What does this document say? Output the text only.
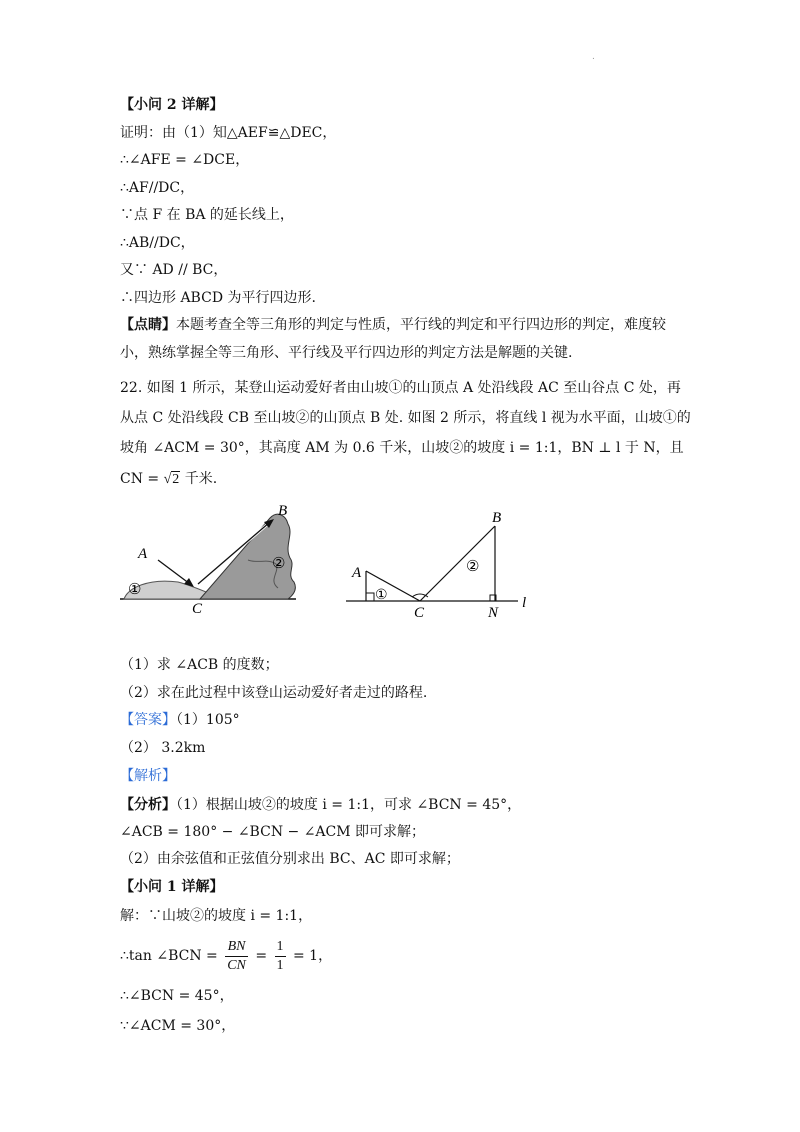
.
【小问 2 详解】
证明：由（1）知△AEF≌△DEC，
∴∠AFE = ∠DCE，
∴AF//DC，
∵点 F 在 BA 的延长线上，
∴AB//DC，
又∵ AD // BC，
∴四边形 ABCD 为平行四边形.
【点睛】本题考查全等三角形的判定与性质，平行线的判定和平行四边形的判定，难度较
小，熟练掌握全等三角形、平行线及平行四边形的判定方法是解题的关键.
22. 如图 1 所示，某登山运动爱好者由山坡①的山顶点 A 处沿线段 AC 至山谷点 C 处，再
从点 C 处沿线段 CB 至山坡②的山顶点 B 处. 如图 2 所示，将直线 l 视为水平面，山坡①的
坡角 ∠ACM = 30°，其高度 AM 为 0.6 千米，山坡②的坡度 i = 1:1，BN ⊥ l 于 N，且
CN = √2 千米.
A
B
C
①
②
A
B
C	N
l
①
②
（1）求 ∠ACB 的度数；
（2）求在此过程中该登山运动爱好者走过的路程.
【答案】（1）105°
（2） 3.2km
【解析】
【分析】（1）根据山坡②的坡度 i = 1:1，可求 ∠BCN = 45°，
∠ACB = 180° − ∠BCN − ∠ACM 即可求解；
（2）由余弦值和正弦值分别求出 BC、AC 即可求解；
【小问 1 详解】
解：∵山坡②的坡度 i = 1:1，
∴tan ∠BCN = $\frac{BN}{CN} = \frac{1}{1} = 1$，
∴∠BCN = 45°，
∵∠ACM = 30°，
